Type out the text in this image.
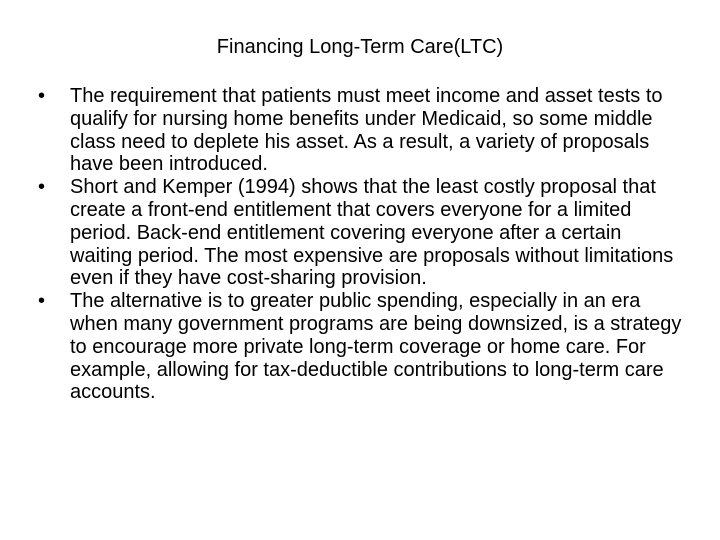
Financing Long-Term Care(LTC)
•	The requirement that patients must meet income and asset tests to qualify for nursing home benefits under Medicaid, so some middle class need to deplete his asset. As a result, a variety of proposals have been introduced.
•	Short and Kemper (1994) shows that the least costly proposal that create a front-end entitlement that covers everyone for a limited period. Back-end entitlement covering everyone after a certain waiting period. The most expensive are proposals without limitations even if they have cost-sharing provision.
•	The alternative is to greater public spending, especially in an era when many government programs are being downsized, is a strategy to encourage more private long-term coverage or home care. For example, allowing for tax-deductible contributions to long-term care accounts.
